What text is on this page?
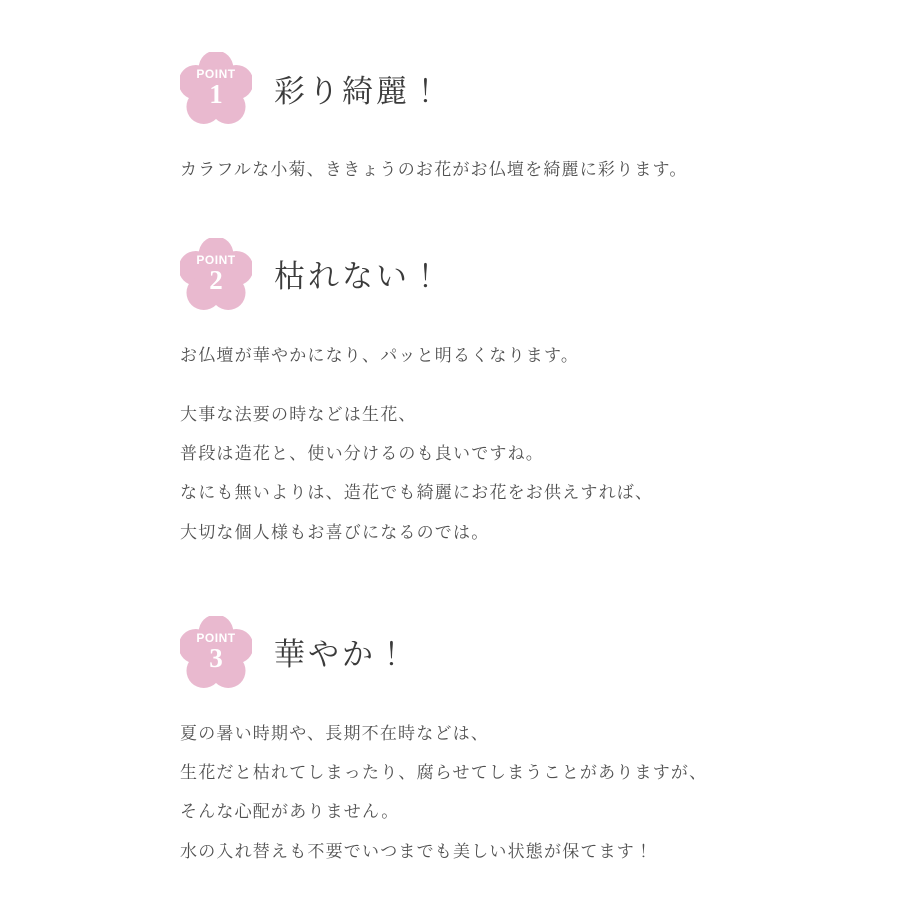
POINT
1 彩り綺麗！

カラフルな小菊、ききょうのお花がお仏壇を綺麗に彩ります。

POINT
2 枯れない！

お仏壇が華やかになり、パッと明るくなります。

大事な法要の時などは生花、

普段は造花と、使い分けるのも良いですね。

なにも無いよりは、造花でも綺麗にお花をお供えすれば、

大切な個人様もお喜びになるのでは。

POINT
3 華やか！

夏の暑い時期や、長期不在時などは、

生花だと枯れてしまったり、腐らせてしまうことがありますが、

そんな心配がありません。

水の入れ替えも不要でいつまでも美しい状態が保てます！
